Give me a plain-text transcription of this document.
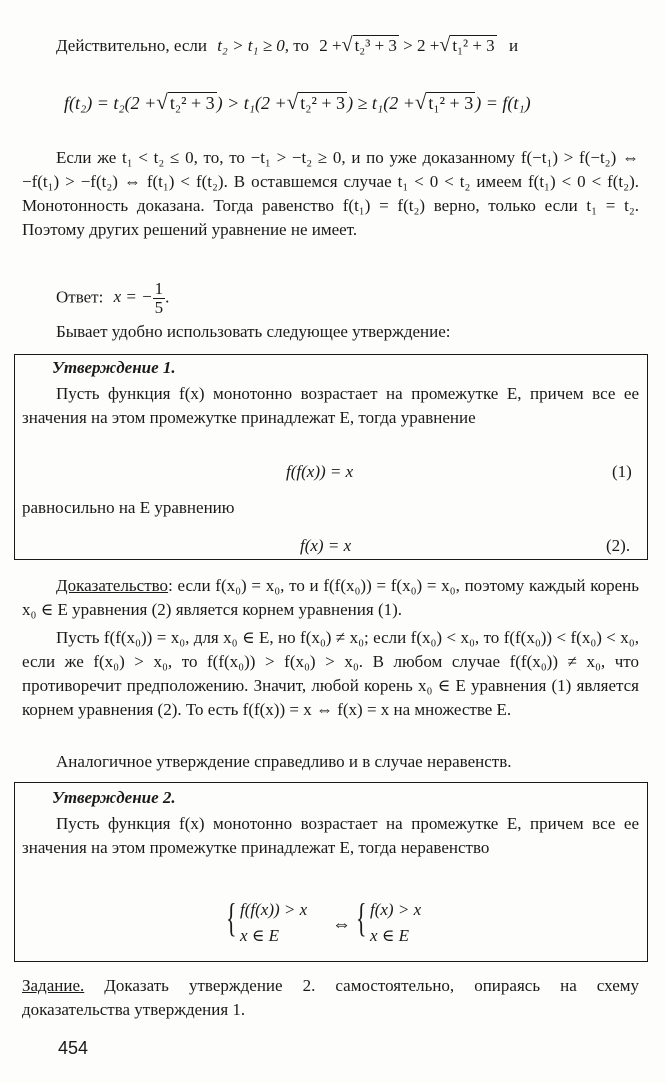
Действительно, если t₂ > t₁ ≥ 0, то 2 +√ t₂³ + 3 > 2 +√ t₁² + 3 и
f(t₂) = t₂(2 +√ t₂² + 3 ) > t₁(2 +√ t₂² + 3 ) ≥ t₁(2 +√ t₁² + 3 ) = f(t₁)

Если же t₁ < t₂ ≤ 0, то, то −t₁ > −t₂ ≥ 0, и по уже доказанному f(−t₁) > f(−t₂) ⇔ −f(t₁) > −f(t₂) ⇔ f(t₁) < f(t₂). В оставшемся случае t₁ < 0 < t₂ имеем f(t₁) < 0 < f(t₂). Монотонность доказана. Тогда равенство f(t₁) = f(t₂) верно, только если t₁ = t₂. Поэтому других решений уравнение не имеет.

Ответ: x = − $\frac{1}{5}$ .

Бывает удобно использовать следующее утверждение:

Утверждение 1.

Пусть функция f(x) монотонно возрастает на промежутке E, причем все ее значения на этом промежутке принадлежат E, тогда уравнение

f(f(x)) = x	(1)
равносильно на E уравнению
f(x) = x	(2).

Доказательство: если f(x₀) = x₀, то и f(f(x₀)) = f(x₀) = x₀, поэтому каждый корень x₀ ∈ E уравнения (2) является корнем уравнения (1).

Пусть f(f(x₀)) = x₀, для x₀ ∈ E, но f(x₀) ≠ x₀; если f(x₀) < x₀, то f(f(x₀)) < f(x₀) < x₀, если же f(x₀) > x₀, то f(f(x₀)) > f(x₀) > x₀. В любом случае f(f(x₀)) ≠ x₀, что противоречит предположению. Значит, любой корень x₀ ∈ E уравнения (1) является корнем уравнения (2). То есть f(f(x)) = x ⇔ f(x) = x на множестве E.

Аналогичное утверждение справедливо и в случае неравенств.

Утверждение 2.

Пусть функция f(x) монотонно возрастает на промежутке E, причем все ее значения на этом промежутке принадлежат E, тогда неравенство

{ f(f(x)) > x
x ∈ E
⇔ { f(x) > x
x ∈ E

Задание. Доказать утверждение 2. самостоятельно, опираясь на схему доказательства утверждения 1.

454
